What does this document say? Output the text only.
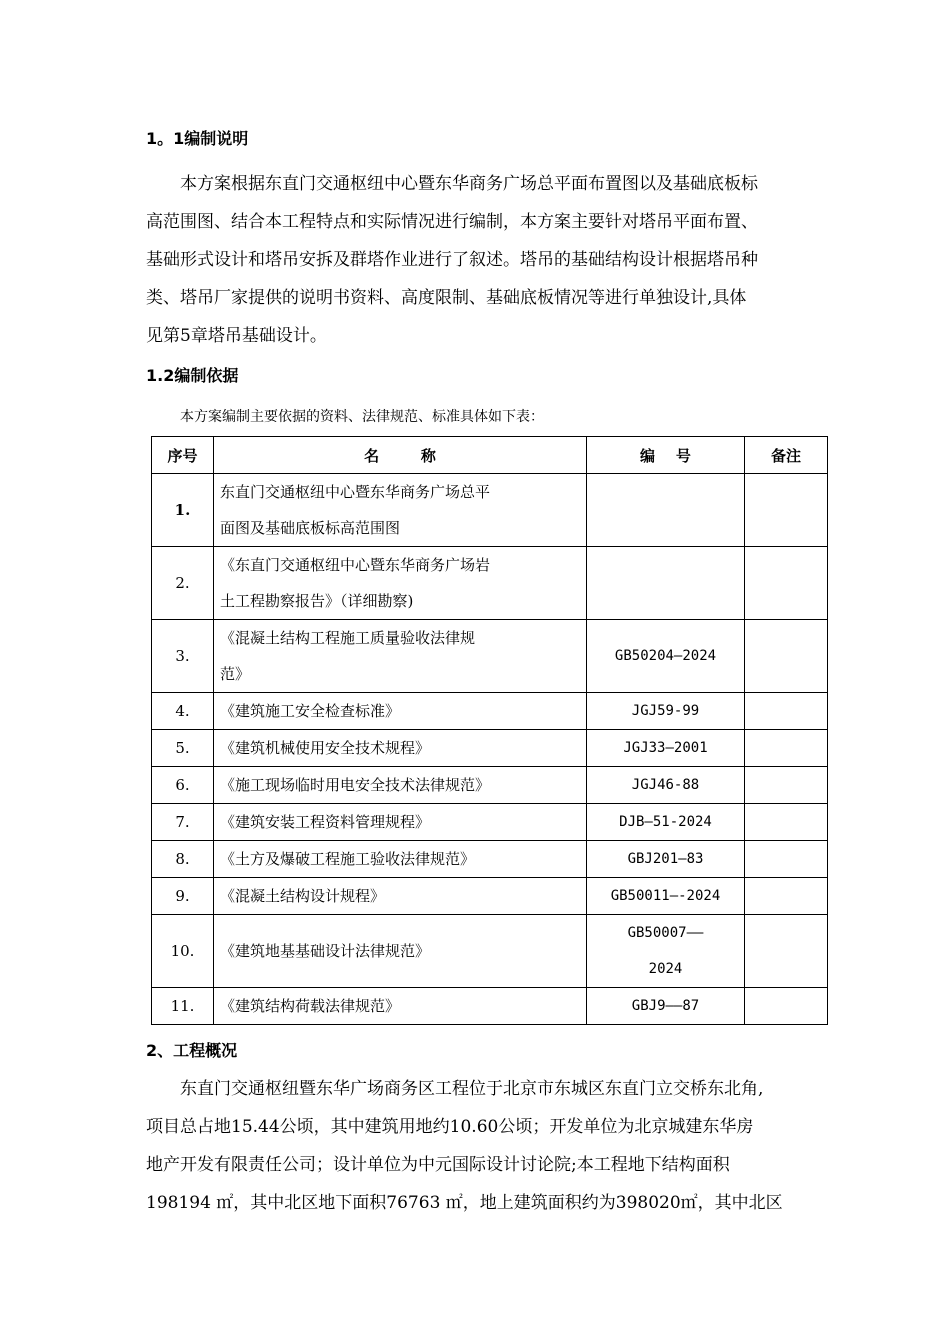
1。1编制说明
本方案根据东直门交通枢纽中心暨东华商务广场总平面布置图以及基础底板标
高范围图、结合本工程特点和实际情况进行编制，本方案主要针对塔吊平面布置、
基础形式设计和塔吊安拆及群塔作业进行了叙述。塔吊的基础结构设计根据塔吊种
类、塔吊厂家提供的说明书资料、高度限制、基础底板情况等进行单独设计,具体
见第5章塔吊基础设计。
1.2编制依据
本方案编制主要依据的资料、法律规范、标准具体如下表：
序号	名        称	编    号	备注
1.	东直门交通枢纽中心暨东华商务广场总平
面图及基础底板标高范围图		

2.	《东直门交通枢纽中心暨东华商务广场岩
土工程勘察报告》（详细勘察)		

3.	《混凝土结构工程施工质量验收法律规
范》	GB50204—2024	
4.	《建筑施工安全检查标准》	JGJ59-99	
5.	《建筑机械使用安全技术规程》	JGJ33—2001	
6.	《施工现场临时用电安全技术法律规范》	JGJ46-88	
7.	《建筑安装工程资料管理规程》	DJB—51-2024	
8.	《土方及爆破工程施工验收法律规范》	GBJ201—83	
9.	《混凝土结构设计规程》	GB50011—-2024	
10.	《建筑地基基础设计法律规范》	GB50007——
2024	

11.	《建筑结构荷载法律规范》	GBJ9——87	
2、工程概况
东直门交通枢纽暨东华广场商务区工程位于北京市东城区东直门立交桥东北角,
项目总占地15.44公顷，其中建筑用地约10.60公顷；开发单位为北京城建东华房
地产开发有限责任公司；设计单位为中元国际设计讨论院;本工程地下结构面积
198194 ㎡，其中北区地下面积76763 ㎡，地上建筑面积约为398020㎡，其中北区
